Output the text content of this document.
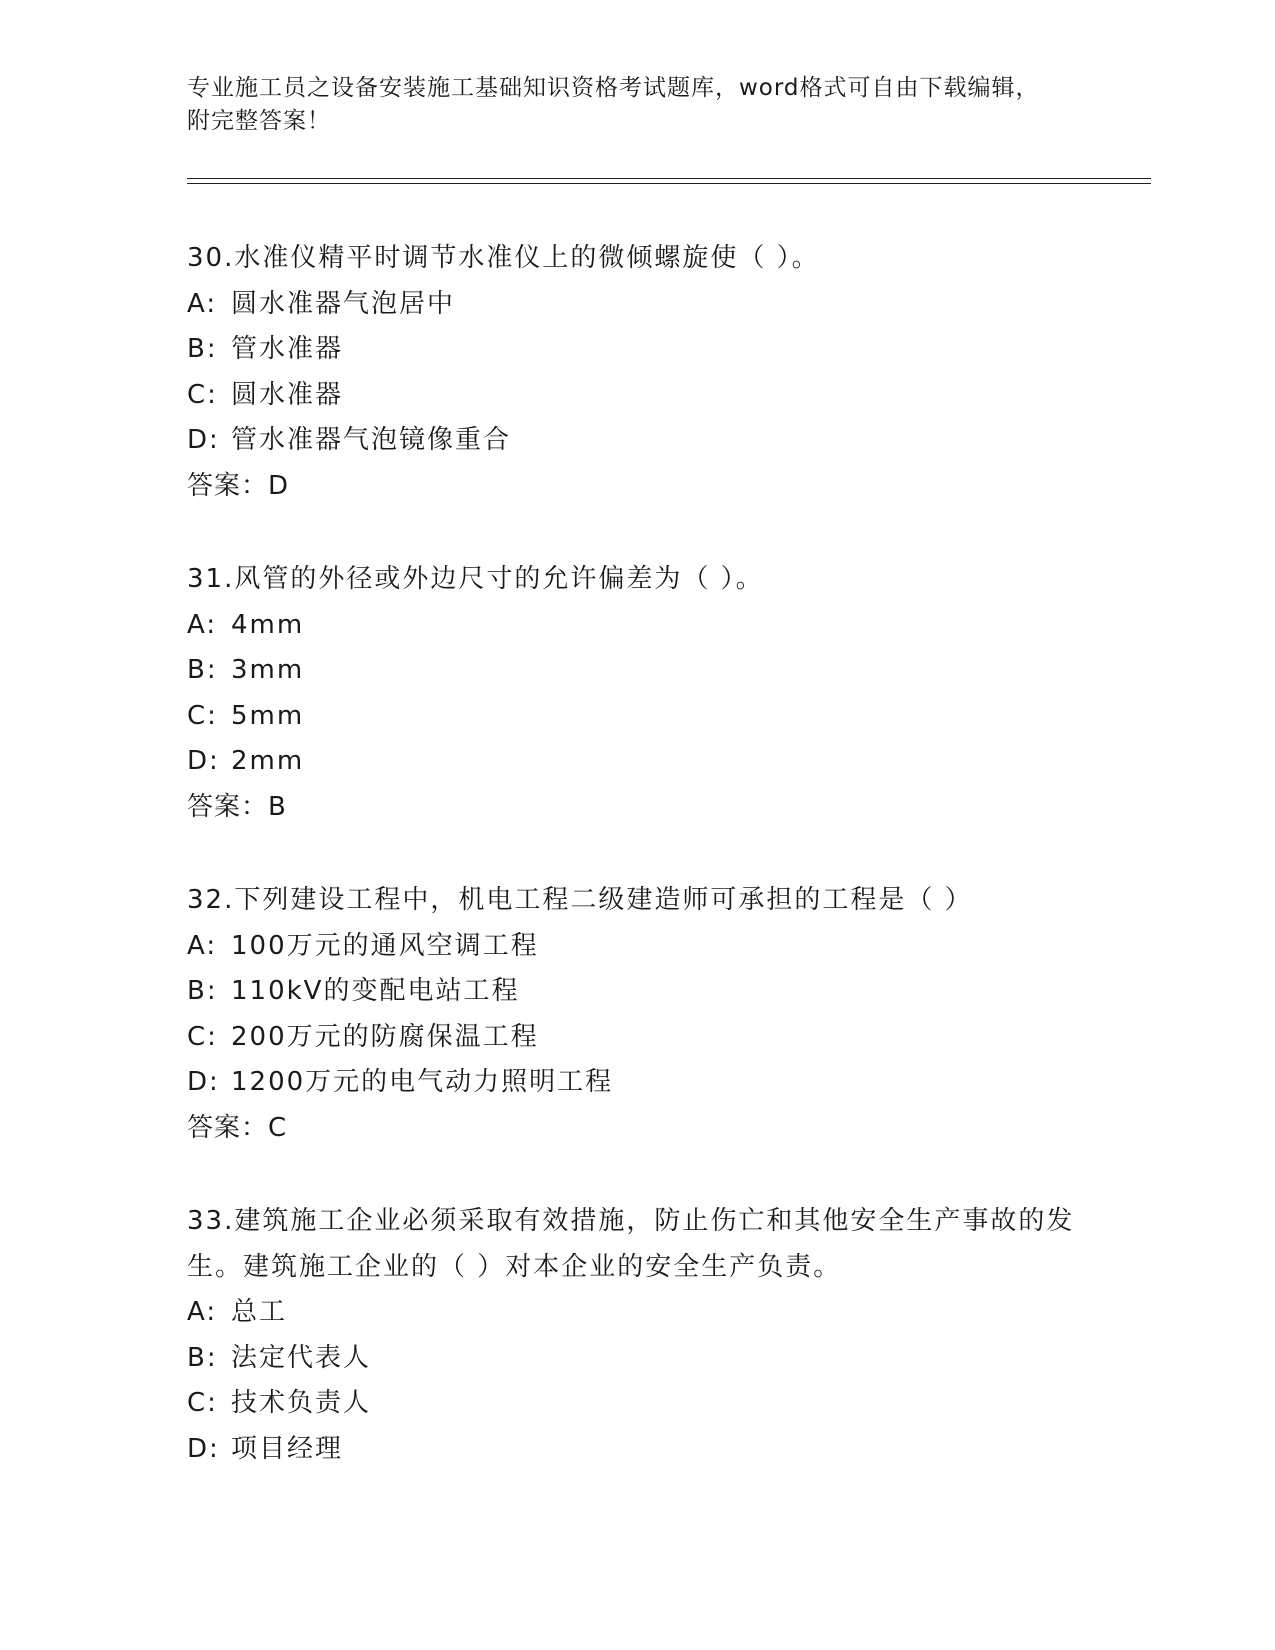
专业施工员之设备安装施工基础知识资格考试题库，word格式可自由下载编辑，

附完整答案！

30.水准仪精平时调节水准仪上的微倾螺旋使（ ）。
A: 圆水准器气泡居中
B: 管水准器
C: 圆水准器
D: 管水准器气泡镜像重合
答案：D
31.风管的外径或外边尺寸的允许偏差为（ ）。
A: 4mm
B: 3mm
C: 5mm
D: 2mm
答案：B
32.下列建设工程中，机电工程二级建造师可承担的工程是（ ）
A: 100万元的通风空调工程
B: 110kV的变配电站工程
C: 200万元的防腐保温工程
D: 1200万元的电气动力照明工程
答案：C
33.建筑施工企业必须采取有效措施，防止伤亡和其他安全生产事故的发生。建筑施工企业的（ ）对本企业的安全生产负责。
A: 总工
B: 法定代表人
C: 技术负责人
D: 项目经理
